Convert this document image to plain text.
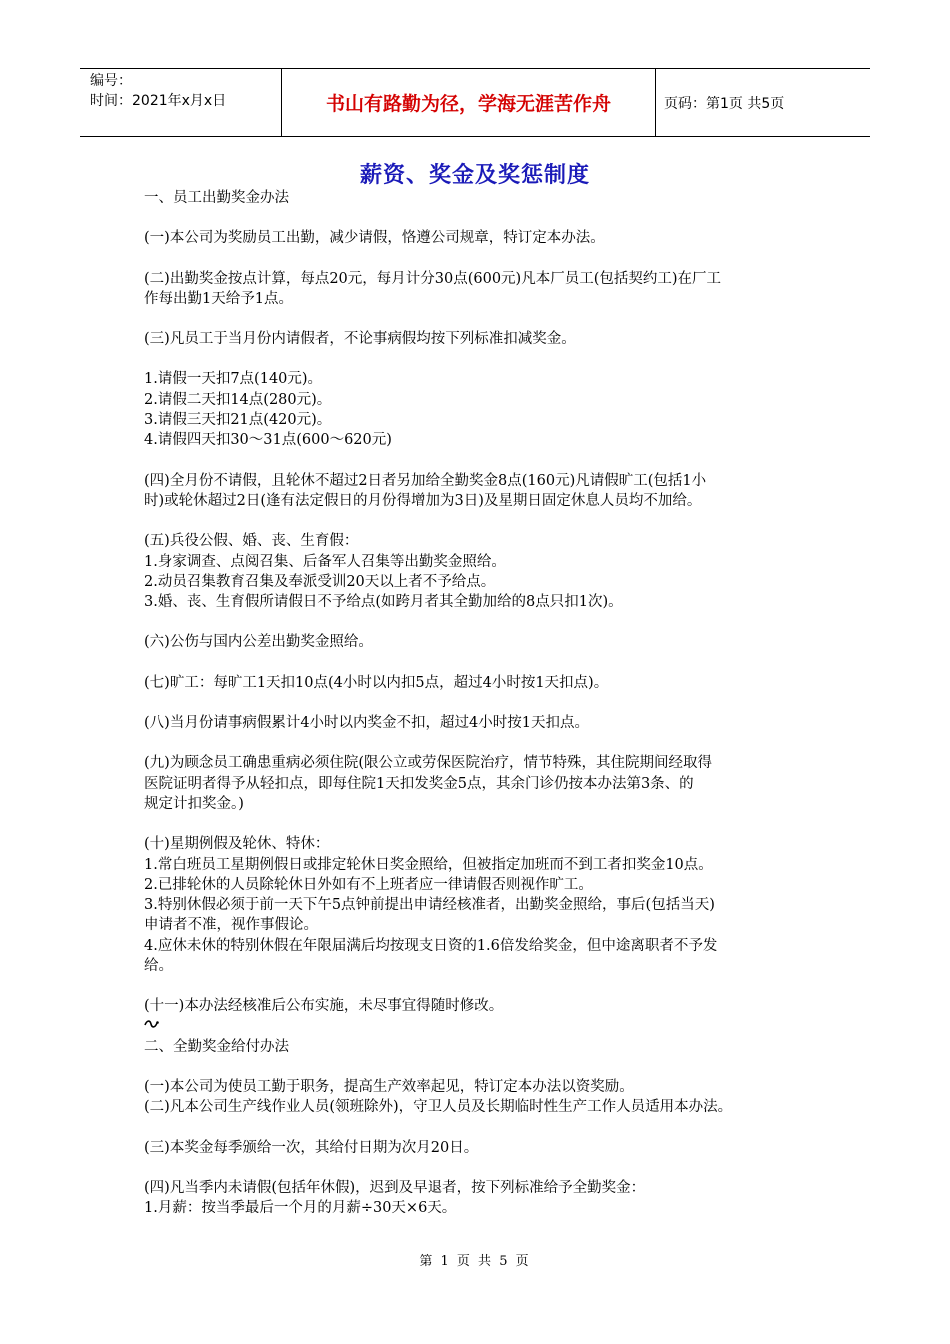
编号：
时间：2021年x月x日	书山有路勤为径，学海无涯苦作舟	页码：第1页 共5页
薪资、奖金及奖惩制度

一、员工出勤奖金办法

(一)本公司为奖励员工出勤，减少请假，恪遵公司规章，特订定本办法。

(二)出勤奖金按点计算，每点20元，每月计分30点(600元)凡本厂员工(包括契约工)在厂工

作每出勤1天给予1点。

(三)凡员工于当月份内请假者，不论事病假均按下列标准扣减奖金。

1.请假一天扣7点(140元)。

2.请假二天扣14点(280元)。

3.请假三天扣21点(420元)。

4.请假四天扣30～31点(600～620元)

(四)全月份不请假，且轮休不超过2日者另加给全勤奖金8点(160元)凡请假旷工(包括1小

时)或轮休超过2日(逢有法定假日的月份得增加为3日)及星期日固定休息人员均不加给。

(五)兵役公假、婚、丧、生育假：

1.身家调查、点阅召集、后备军人召集等出勤奖金照给。

2.动员召集教育召集及奉派受训20天以上者不予给点。

3.婚、丧、生育假所请假日不予给点(如跨月者其全勤加给的8点只扣1次)。

(六)公伤与国内公差出勤奖金照给。

(七)旷工：每旷工1天扣10点(4小时以内扣5点，超过4小时按1天扣点)。

(八)当月份请事病假累计4小时以内奖金不扣，超过4小时按1天扣点。

(九)为顾念员工确患重病必须住院(限公立或劳保医院治疗，情节特殊，其住院期间经取得

医院证明者得予从轻扣点，即每住院1天扣发奖金5点，其余门诊仍按本办法第3条、的

规定计扣奖金。)

(十)星期例假及轮休、特休：

1.常白班员工星期例假日或排定轮休日奖金照给，但被指定加班而不到工者扣奖金10点。

2.已排轮休的人员除轮休日外如有不上班者应一律请假否则视作旷工。

3.特别休假必须于前一天下午5点钟前提出申请经核准者，出勤奖金照给，事后(包括当天)

申请者不准，视作事假论。

4.应休未休的特别休假在年限届满后均按现支日资的1.6倍发给奖金，但中途离职者不予发

给。

(十一)本办法经核准后公布实施，未尽事宜得随时修改。

二、全勤奖金给付办法

(一)本公司为使员工勤于职务，提高生产效率起见，特订定本办法以资奖励。

(二)凡本公司生产线作业人员(领班除外)，守卫人员及长期临时性生产工作人员适用本办法。

(三)本奖金每季颁给一次，其给付日期为次月20日。

(四)凡当季内未请假(包括年休假)，迟到及早退者，按下列标准给予全勤奖金：

1.月薪：按当季最后一个月的月薪÷30天×6天。

第 1 页 共 5 页
